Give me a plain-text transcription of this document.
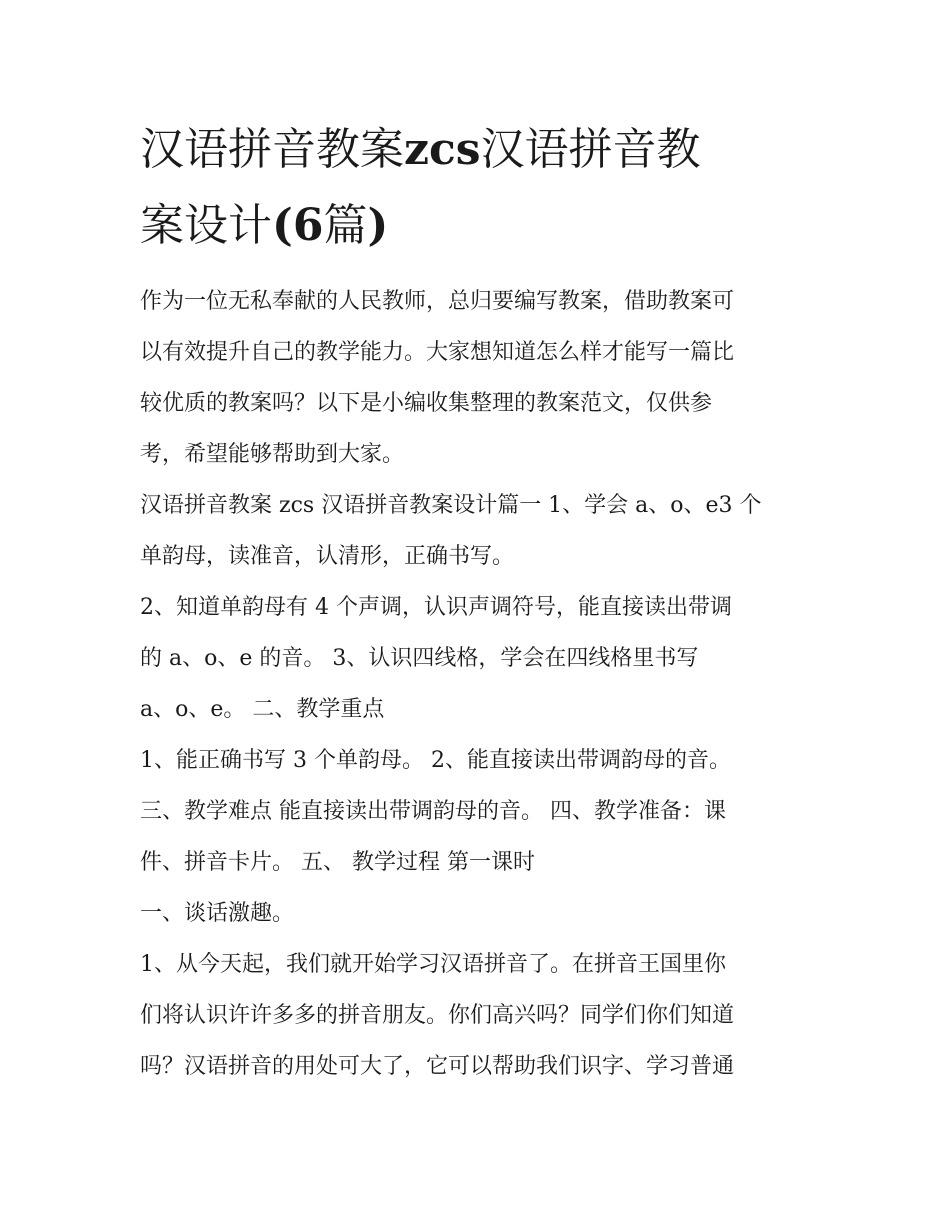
汉语拼音教案zcs汉语拼音教
案设计(6篇)

作为一位无私奉献的人民教师，总归要编写教案，借助教案可
以有效提升自己的教学能力。大家想知道怎么样才能写一篇比
较优质的教案吗？以下是小编收集整理的教案范文，仅供参
考，希望能够帮助到大家。

汉语拼音教案 zcs 汉语拼音教案设计篇一 1、学会 a、o、e3 个
单韵母，读准音，认清形，正确书写。

2、知道单韵母有 4 个声调，认识声调符号，能直接读出带调
的 a、o、e 的音。 3、认识四线格，学会在四线格里书写
a、o、e。 二、教学重点

1、能正确书写 3 个单韵母。 2、能直接读出带调韵母的音。
三、教学难点 能直接读出带调韵母的音。 四、教学准备：课
件、拼音卡片。 五、 教学过程 第一课时

一、谈话激趣。

1、从今天起，我们就开始学习汉语拼音了。在拼音王国里你
们将认识许许多多的拼音朋友。你们高兴吗？同学们你们知道
吗？汉语拼音的用处可大了，它可以帮助我们识字、学习普通
